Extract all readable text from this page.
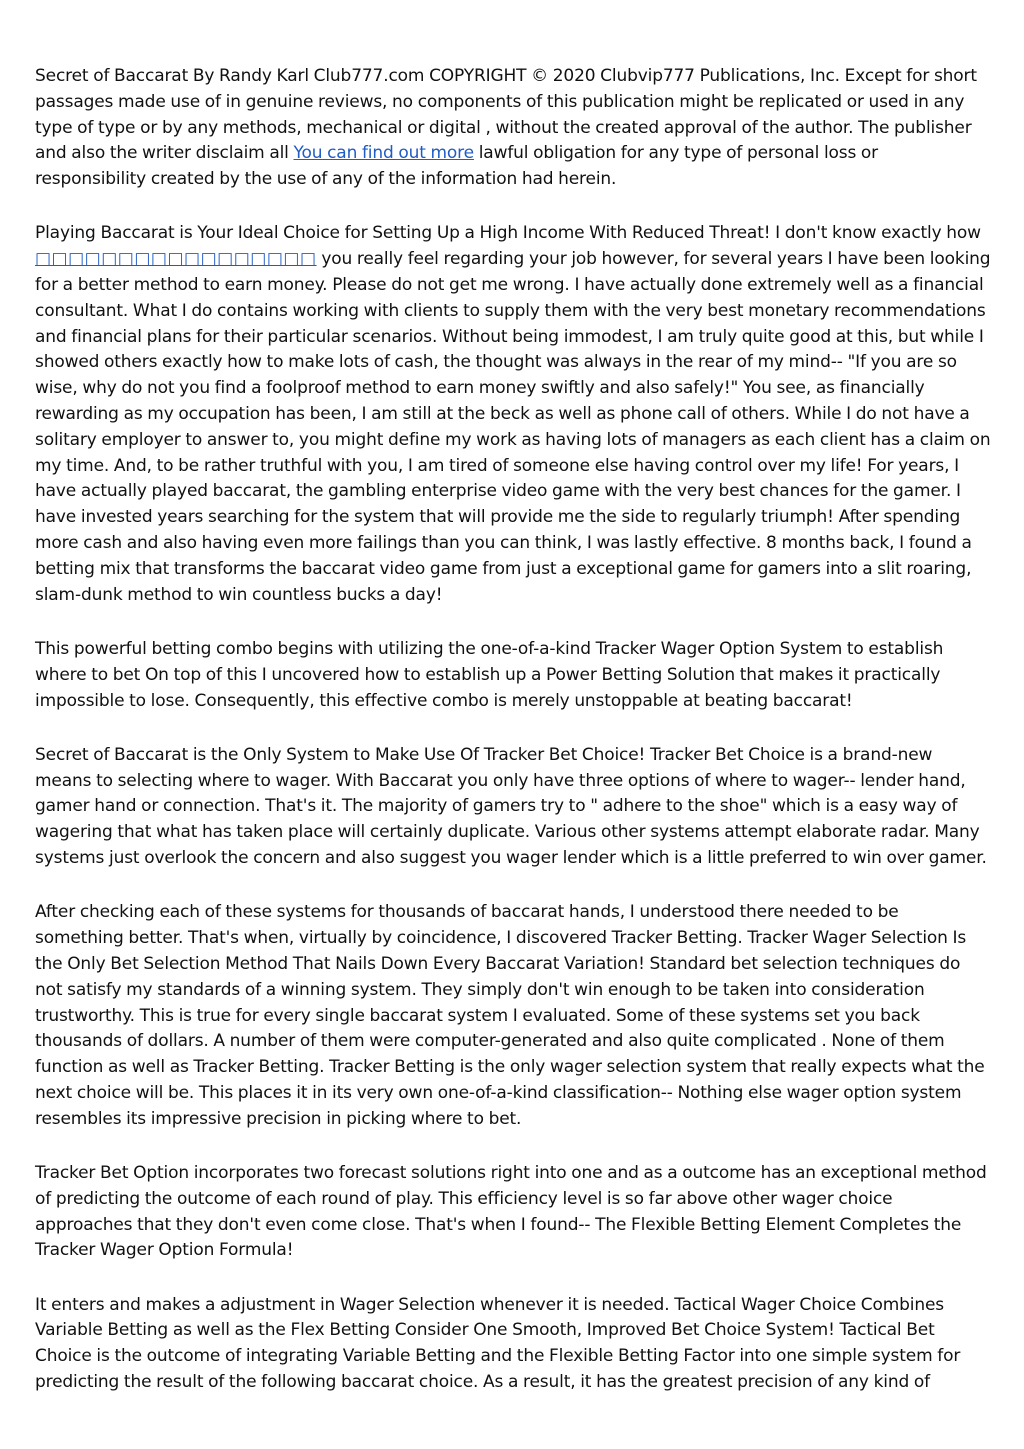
Secret of Baccarat By Randy Karl Club777.com COPYRIGHT © 2020 Clubvip777 Publications, Inc. Except for short passages made use of in genuine reviews, no components of this publication might be replicated or used in any type of type or by any methods, mechanical or digital , without the created approval of the author. The publisher and also the writer disclaim all You can find out more lawful obligation for any type of personal loss or responsibility created by the use of any of the information had herein.

Playing Baccarat is Your Ideal Choice for Setting Up a High Income With Reduced Threat! I don't know exactly how □□□□□□□□□□□□□□□□□ you really feel regarding your job however, for several years I have been looking for a better method to earn money. Please do not get me wrong. I have actually done extremely well as a financial consultant. What I do contains working with clients to supply them with the very best monetary recommendations and financial plans for their particular scenarios. Without being immodest, I am truly quite good at this, but while I showed others exactly how to make lots of cash, the thought was always in the rear of my mind-- "If you are so wise, why do not you find a foolproof method to earn money swiftly and also safely!" You see, as financially rewarding as my occupation has been, I am still at the beck as well as phone call of others. While I do not have a solitary employer to answer to, you might define my work as having lots of managers as each client has a claim on my time. And, to be rather truthful with you, I am tired of someone else having control over my life! For years, I have actually played baccarat, the gambling enterprise video game with the very best chances for the gamer. I have invested years searching for the system that will provide me the side to regularly triumph! After spending more cash and also having even more failings than you can think, I was lastly effective. 8 months back, I found a betting mix that transforms the baccarat video game from just a exceptional game for gamers into a slit roaring, slam-dunk method to win countless bucks a day!

This powerful betting combo begins with utilizing the one-of-a-kind Tracker Wager Option System to establish where to bet On top of this I uncovered how to establish up a Power Betting Solution that makes it practically impossible to lose. Consequently, this effective combo is merely unstoppable at beating baccarat!

Secret of Baccarat is the Only System to Make Use Of Tracker Bet Choice! Tracker Bet Choice is a brand-new means to selecting where to wager. With Baccarat you only have three options of where to wager-- lender hand, gamer hand or connection. That's it. The majority of gamers try to " adhere to the shoe" which is a easy way of wagering that what has taken place will certainly duplicate. Various other systems attempt elaborate radar. Many systems just overlook the concern and also suggest you wager lender which is a little preferred to win over gamer.

After checking each of these systems for thousands of baccarat hands, I understood there needed to be something better. That's when, virtually by coincidence, I discovered Tracker Betting. Tracker Wager Selection Is the Only Bet Selection Method That Nails Down Every Baccarat Variation! Standard bet selection techniques do not satisfy my standards of a winning system. They simply don't win enough to be taken into consideration trustworthy. This is true for every single baccarat system I evaluated. Some of these systems set you back thousands of dollars. A number of them were computer-generated and also quite complicated . None of them function as well as Tracker Betting. Tracker Betting is the only wager selection system that really expects what the next choice will be. This places it in its very own one-of-a-kind classification-- Nothing else wager option system resembles its impressive precision in picking where to bet.

Tracker Bet Option incorporates two forecast solutions right into one and as a outcome has an exceptional method of predicting the outcome of each round of play. This efficiency level is so far above other wager choice approaches that they don't even come close. That's when I found-- The Flexible Betting Element Completes the Tracker Wager Option Formula!

It enters and makes a adjustment in Wager Selection whenever it is needed. Tactical Wager Choice Combines Variable Betting as well as the Flex Betting Consider One Smooth, Improved Bet Choice System! Tactical Bet Choice is the outcome of integrating Variable Betting and the Flexible Betting Factor into one simple system for predicting the result of the following baccarat choice. As a result, it has the greatest precision of any kind of
